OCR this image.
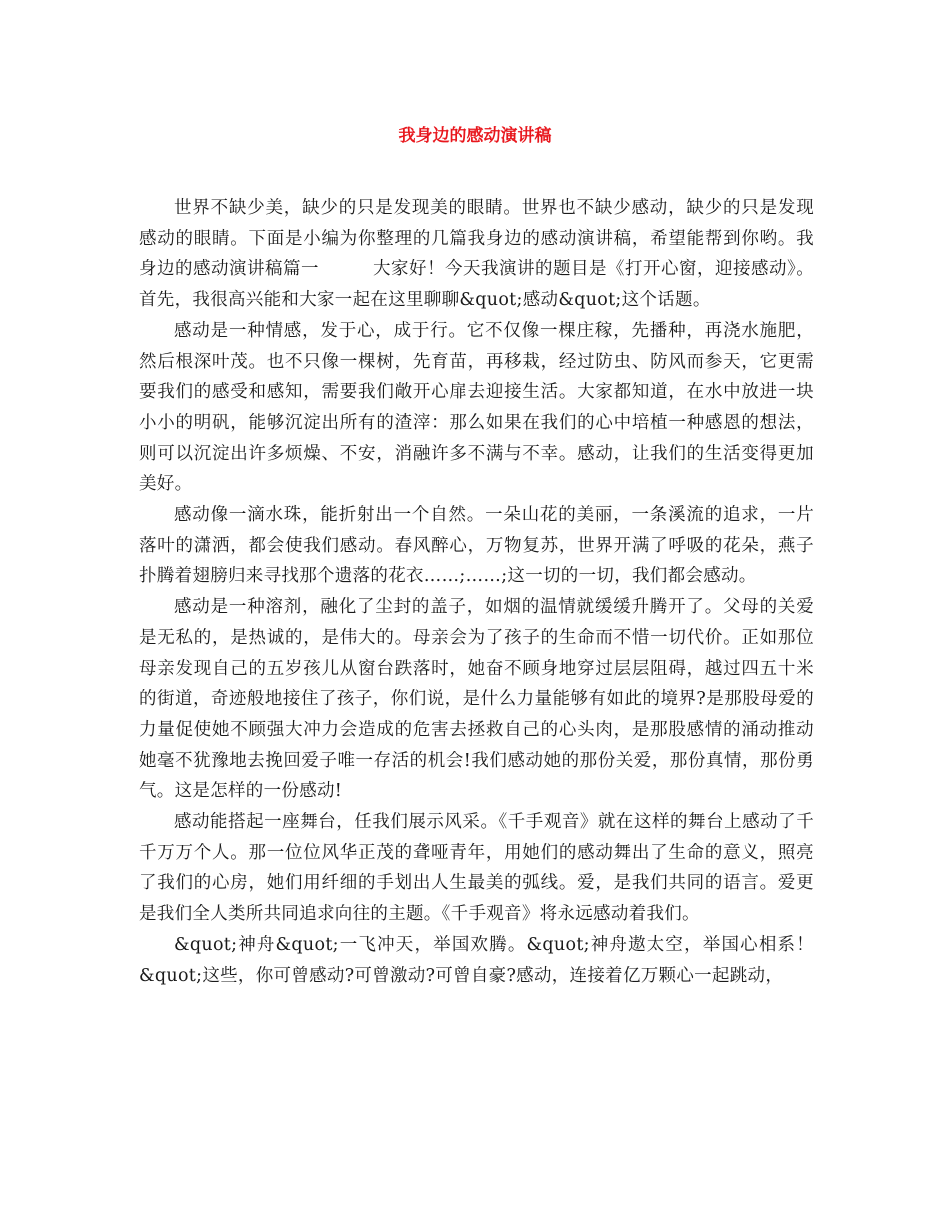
我身边的感动演讲稿

世界不缺少美，缺少的只是发现美的眼睛。世界也不缺少感动，缺少的只是发现感动的眼睛。下面是小编为你整理的几篇我身边的感动演讲稿，希望能帮到你哟。我身边的感动演讲稿篇一　　　大家好！今天我演讲的题目是《打开心窗，迎接感动》。首先，我很高兴能和大家一起在这里聊聊&quot;感动&quot;这个话题。

感动是一种情感，发于心，成于行。它不仅像一棵庄稼，先播种，再浇水施肥，然后根深叶茂。也不只像一棵树，先育苗，再移栽，经过防虫、防风而参天，它更需要我们的感受和感知，需要我们敞开心扉去迎接生活。大家都知道，在水中放进一块小小的明矾，能够沉淀出所有的渣滓：那么如果在我们的心中培植一种感恩的想法，则可以沉淀出许多烦燥、不安，消融许多不满与不幸。感动，让我们的生活变得更加美好。

感动像一滴水珠，能折射出一个自然。一朵山花的美丽，一条溪流的追求，一片落叶的潇洒，都会使我们感动。春风醉心，万物复苏，世界开满了呼吸的花朵，燕子扑腾着翅膀归来寻找那个遗落的花衣……;……;这一切的一切，我们都会感动。

感动是一种溶剂，融化了尘封的盖子，如烟的温情就缓缓升腾开了。父母的关爱是无私的，是热诚的，是伟大的。母亲会为了孩子的生命而不惜一切代价。正如那位母亲发现自己的五岁孩儿从窗台跌落时，她奋不顾身地穿过层层阻碍，越过四五十米的街道，奇迹般地接住了孩子，你们说，是什么力量能够有如此的境界?是那股母爱的力量促使她不顾强大冲力会造成的危害去拯救自己的心头肉，是那股感情的涌动推动她毫不犹豫地去挽回爱子唯一存活的机会!我们感动她的那份关爱，那份真情，那份勇气。这是怎样的一份感动!

感动能搭起一座舞台，任我们展示风采。《千手观音》就在这样的舞台上感动了千千万万个人。那一位位风华正茂的聋哑青年，用她们的感动舞出了生命的意义，照亮了我们的心房，她们用纤细的手划出人生最美的弧线。爱，是我们共同的语言。爱更是我们全人类所共同追求向往的主题。《千手观音》将永远感动着我们。

&quot;神舟&quot;一飞冲天，举国欢腾。&quot;神舟遨太空，举国心相系！&quot;这些，你可曾感动?可曾激动?可曾自豪?感动，连接着亿万颗心一起跳动，
